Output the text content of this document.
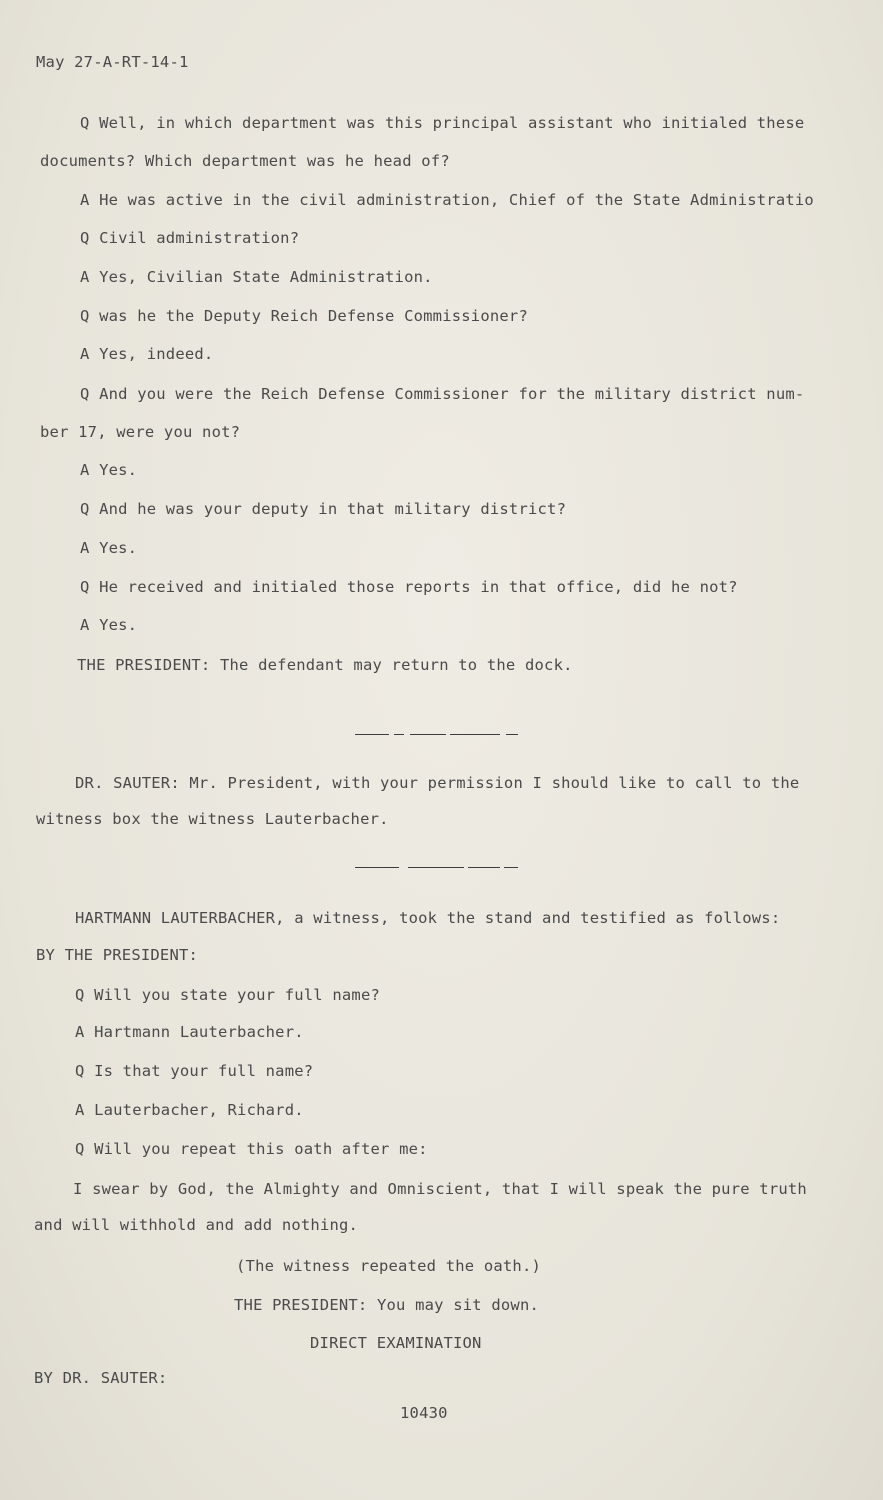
May 27-A-RT-14-1
Q Well, in which department was this principal assistant who initialed these
documents? Which department was he head of?
A He was active in the civil administration, Chief of the State Administratio
Q Civil administration?
A Yes, Civilian State Administration.
Q was he the Deputy Reich Defense Commissioner?
A Yes, indeed.
Q And you were the Reich Defense Commissioner for the military district num-
ber 17, were you not?
A Yes.
Q And he was your deputy in that military district?
A Yes.
Q He received and initialed those reports in that office, did he not?
A Yes.
THE PRESIDENT: The defendant may return to the dock.
DR. SAUTER: Mr. President, with your permission I should like to call to the
witness box the witness Lauterbacher.
HARTMANN LAUTERBACHER, a witness, took the stand and testified as follows:
BY THE PRESIDENT:
Q Will you state your full name?
A Hartmann Lauterbacher.
Q Is that your full name?
A Lauterbacher, Richard.
Q Will you repeat this oath after me:
I swear by God, the Almighty and Omniscient, that I will speak the pure truth
and will withhold and add nothing.
(The witness repeated the oath.)
THE PRESIDENT: You may sit down.
DIRECT EXAMINATION
BY DR. SAUTER:
10430
